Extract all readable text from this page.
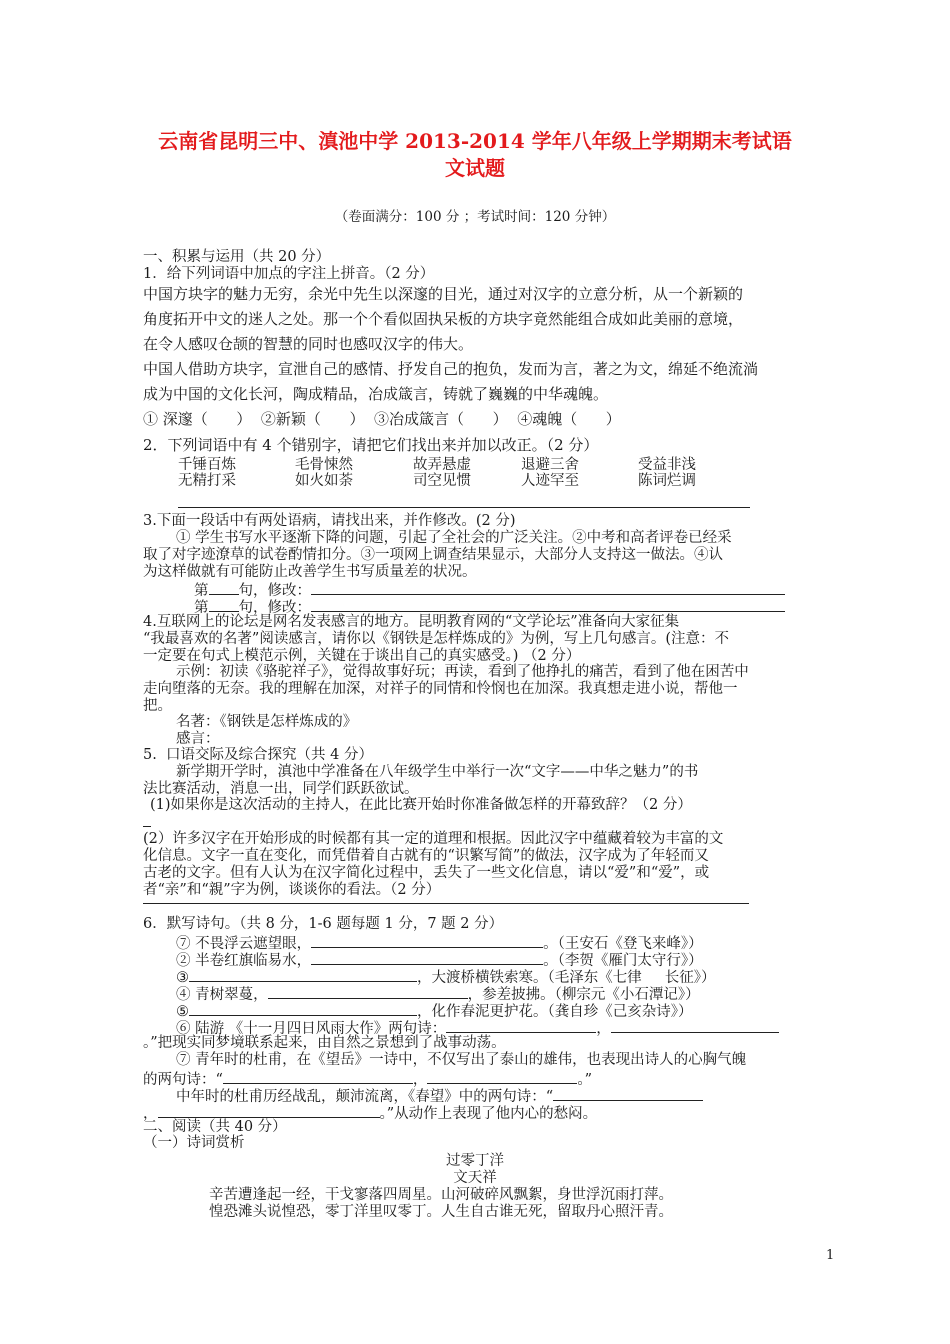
云南省昆明三中、滇池中学 2013-2014 学年八年级上学期期末考试语
文试题
（卷面满分：100 分 ；考试时间：120 分钟）
一、积累与运用（共 20 分）
1．给下列词语中加点的字注上拼音。（2 分）
中国方块字的魅力无穷，余光中先生以深邃的目光，通过对汉字的立意分析，从一个新颖的
角度拓开中文的迷人之处。那一个个看似固执呆板的方块字竟然能组合成如此美丽的意境，
在令人感叹仓颉的智慧的同时也感叹汉字的伟大。
中国人借助方块字，宣泄自己的感情、抒发自己的抱负，发而为言，著之为文，绵延不绝流淌
成为中国的文化长河，陶成精品，冶成箴言，铸就了巍巍的中华魂魄。
① 深邃（      ）  ②新颖（      ）  ③冶成箴言（      ）  ④魂魄（      ）
2．下列词语中有 4 个错别字，请把它们找出来并加以改正。（2 分）
千锤百炼	毛骨悚然	故弄悬虚	退避三舍	受益非浅
无精打采	如火如荼	司空见惯	人迹罕至	陈词烂调
3.下面一段话中有两处语病，请找出来，并作修改。(2 分)
① 学生书写水平逐渐下降的问题，引起了全社会的广泛关注。②中考和高者评卷已经采
取了对字迹潦草的试卷酌情扣分。③一项网上调查结果显示，大部分人支持这一做法。④认
为这样做就有可能防止改善学生书写质量差的状况。
第 句，修改：
第 句，修改：
4.互联网上的论坛是网名发表感言的地方。昆明教育网的“文学论坛”准备向大家征集
“我最喜欢的名著”阅读感言，请你以《钢铁是怎样炼成的》为例，写上几句感言。(注意：不
一定要在句式上模范示例，关键在于谈出自己的真实感受。) （2 分）
示例：初读《骆驼祥子》，觉得故事好玩；再读，看到了他挣扎的痛苦，看到了他在困苦中
走向堕落的无奈。我的理解在加深，对祥子的同情和怜悯也在加深。我真想走进小说，帮他一
把。
名著：《钢铁是怎样炼成的》
感言：
5.  口语交际及综合探究（共 4 分）
新学期开学时，滇池中学准备在八年级学生中举行一次“文字——中华之魅力”的书
法比赛活动，消息一出，同学们跃跃欲试。
(1)如果你是这次活动的主持人，在此比赛开始时你准备做怎样的开幕致辞？（2 分）
(2）许多汉字在开始形成的时候都有其一定的道理和根据。因此汉字中蕴藏着较为丰富的文
化信息。文字一直在变化，而凭借着自古就有的“识繁写简”的做法，汉字成为了年轻而又
古老的文字。但有人认为在汉字简化过程中，丢失了一些文化信息，请以“爱”和“爱”，或
者“亲”和“親”字为例，谈谈你的看法。（2 分）
6．默写诗句。（共 8 分，1-6 题每题 1 分，7 题 2 分）
⑦ 不畏浮云遮望眼，	。（王安石《登飞来峰》）
② 半卷红旗临易水，	。（李贺《雁门太守行》）
③	，大渡桥横铁索寒。（毛泽东《七律     长征》）
④ 青树翠蔓，	，参差披拂。（柳宗元《小石潭记》）
⑤	，化作春泥更护花。（龚自珍《己亥杂诗》）
⑥ 陆游 《十一月四日风雨大作》两句诗：	，
。”把现实同梦境联系起来，由自然之景想到了战事动荡。
⑦ 青年时的杜甫，在《望岳》一诗中，不仅写出了泰山的雄伟，也表现出诗人的心胸气魄
的两句诗：“	，	。”
中年时的杜甫历经战乱，颠沛流离，《春望》中的两句诗：“
，	。”从动作上表现了他内心的愁闷。
二、阅读（共 40 分）
（一）诗词赏析
过零丁洋
文天祥
辛苦遭逢起一经，干戈寥落四周星。山河破碎风飘絮，身世浮沉雨打萍。
惶恐滩头说惶恐，零丁洋里叹零丁。人生自古谁无死，留取丹心照汗青。
1
